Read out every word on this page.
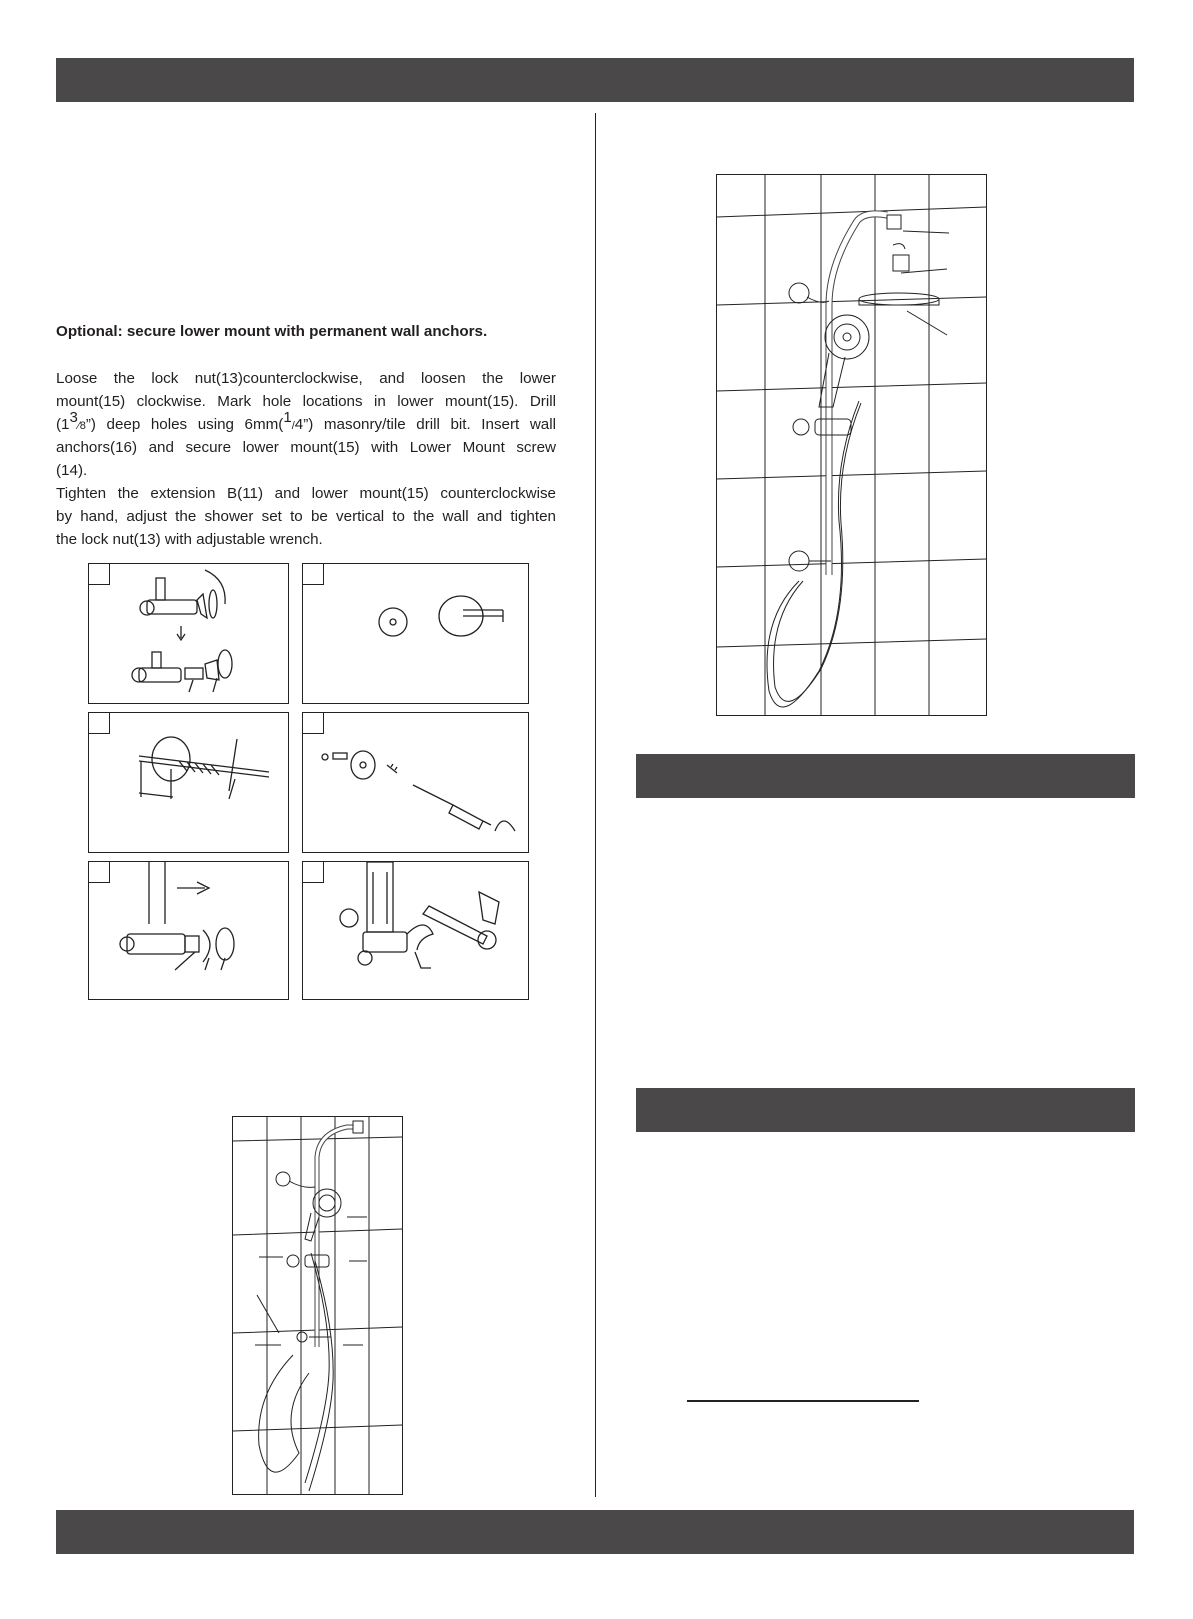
Optional: secure lower mount with permanent wall anchors.
Loose the lock nut(13)counterclockwise, and loosen the lower
mount(15) clockwise. Mark hole locations in lower mount(15). Drill
(13⁄8”) deep holes using 6mm(1/4”) masonry/tile drill bit. Insert wall
anchors(16) and secure lower mount(15) with Lower Mount screw
(14).
Tighten the extension B(11) and lower mount(15) counterclockwise
by hand, adjust the shower set to be vertical to the wall and tighten
the lock nut(13) with adjustable wrench.
